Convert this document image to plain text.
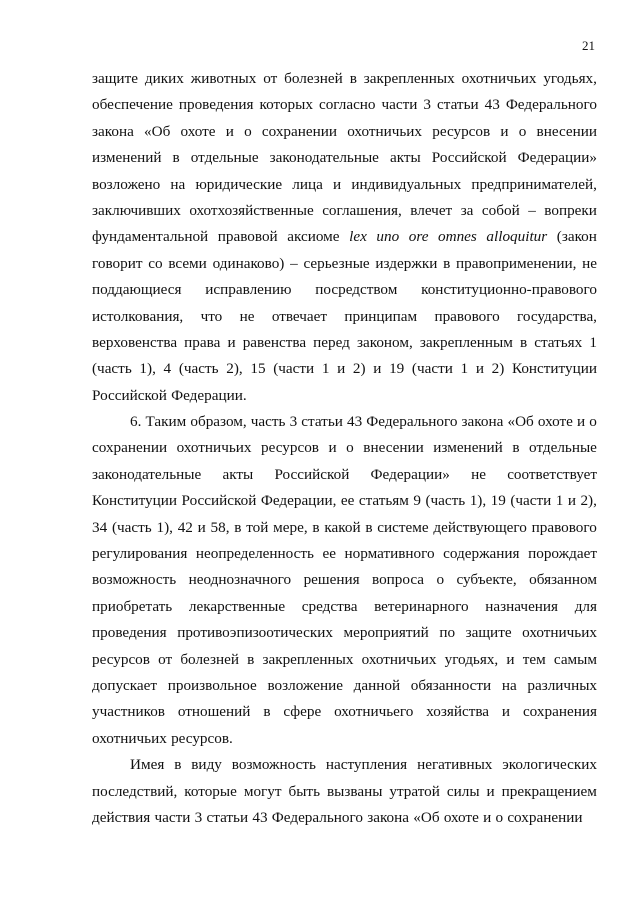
21
защите диких животных от болезней в закрепленных охотничьих угодьях,
обеспечение проведения которых согласно части 3 статьи 43 Федерального
закона «Об охоте и о сохранении охотничьих ресурсов и о внесении
изменений в отдельные законодательные акты Российской Федерации»
возложено на юридические лица и индивидуальных предпринимателей,
заключивших охотхозяйственные соглашения, влечет за собой – вопреки
фундаментальной правовой аксиоме lex uno ore omnes alloquitur (закон
говорит со всеми одинаково) – серьезные издержки в правоприменении, не
поддающиеся исправлению посредством конституционно-правового
истолкования, что не отвечает принципам правового государства,
верховенства права и равенства перед законом, закрепленным в статьях 1
(часть 1), 4 (часть 2), 15 (части 1 и 2) и 19 (части 1 и 2) Конституции
Российской Федерации.
6. Таким образом, часть 3 статьи 43 Федерального закона «Об охоте и о
сохранении охотничьих ресурсов и о внесении изменений в отдельные
законодательные акты Российской Федерации» не соответствует
Конституции Российской Федерации, ее статьям 9 (часть 1), 19 (части 1 и 2),
34 (часть 1), 42 и 58, в той мере, в какой в системе действующего правового
регулирования неопределенность ее нормативного содержания порождает
возможность неоднозначного решения вопроса о субъекте, обязанном
приобретать лекарственные средства ветеринарного назначения для
проведения противоэпизоотических мероприятий по защите охотничьих
ресурсов от болезней в закрепленных охотничьих угодьях, и тем самым
допускает произвольное возложение данной обязанности на различных
участников отношений в сфере охотничьего хозяйства и сохранения
охотничьих ресурсов.
Имея в виду возможность наступления негативных экологических
последствий, которые могут быть вызваны утратой силы и прекращением
действия части 3 статьи 43 Федерального закона «Об охоте и о сохранении
